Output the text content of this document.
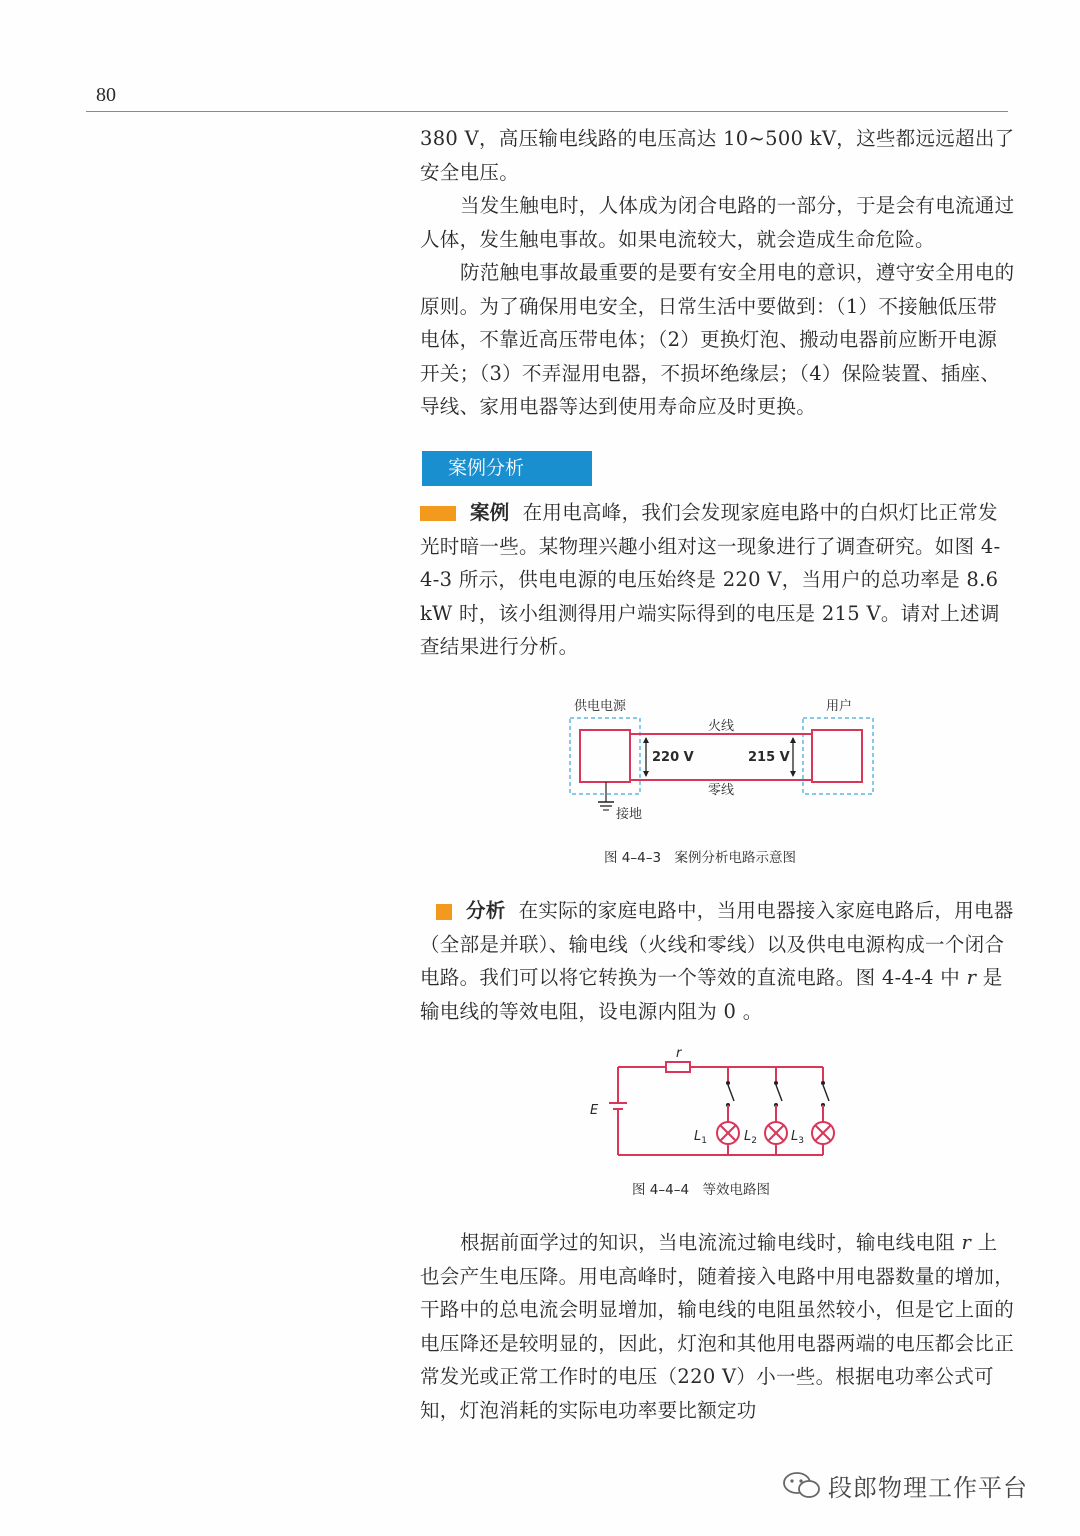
80

380 V，高压输电线路的电压高达 10~500 kV，这些都远远超出了安全电压。

当发生触电时，人体成为闭合电路的一部分，于是会有电流通过人体，发生触电事故。如果电流较大，就会造成生命危险。

防范触电事故最重要的是要有安全用电的意识，遵守安全用电的原则。为了确保用电安全，日常生活中要做到：（1）不接触低压带电体，不靠近高压带电体；（2）更换灯泡、搬动电器前应断开电源开关；（3）不弄湿用电器，不损坏绝缘层；（4）保险装置、插座、导线、家用电器等达到使用寿命应及时更换。

案例分析

案例 在用电高峰，我们会发现家庭电路中的白炽灯比正常发光时暗一些。某物理兴趣小组对这一现象进行了调查研究。如图 4-4-3 所示，供电电源的电压始终是 220 V，当用户的总功率是 8.6 kW 时，该小组测得用户端实际得到的电压是 215 V。请对上述调查结果进行分析。

供电电源	用户
火线
零线
220 V	215 V
接地
图 4–4–3　案例分析电路示意图

分析 在实际的家庭电路中，当用电器接入家庭电路后，用电器（全部是并联）、输电线（火线和零线）以及供电电源构成一个闭合电路。我们可以将它转换为一个等效的直流电路。图 4-4-4 中 r 是输电线的等效电阻，设电源内阻为 0 。

r
E
$L_1$	$L_2$	$L_3$
图 4–4–4　等效电路图

根据前面学过的知识，当电流流过输电线时，输电线电阻 r 上也会产生电压降。用电高峰时，随着接入电路中用电器数量的增加，干路中的总电流会明显增加，输电线的电阻虽然较小，但是它上面的电压降还是较明显的，因此，灯泡和其他用电器两端的电压都会比正常发光或正常工作时的电压（220 V）小一些。根据电功率公式可知，灯泡消耗的实际电功率要比额定功

段郎物理工作平台
